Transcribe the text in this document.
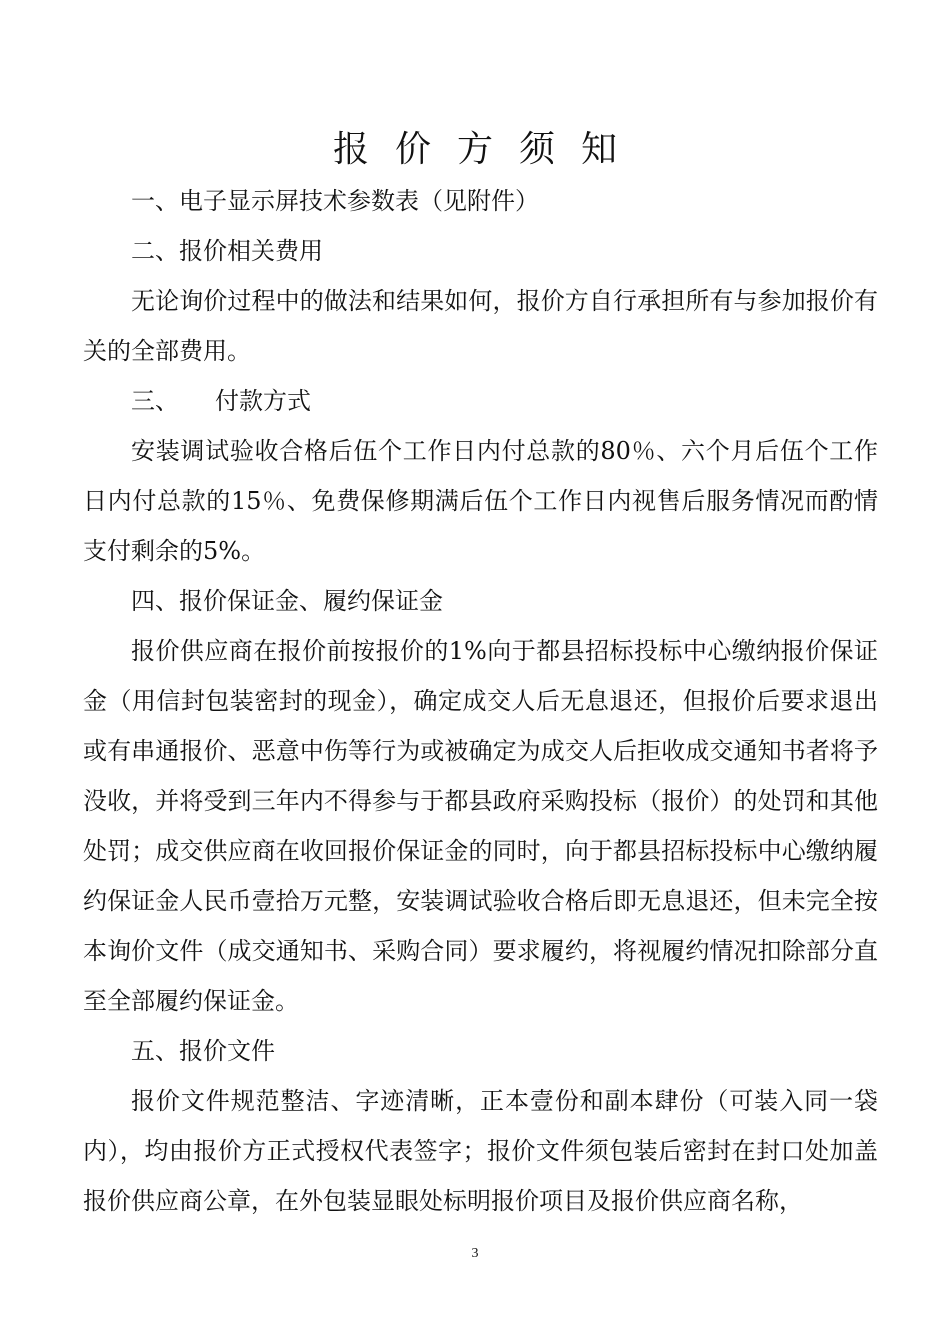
报价方须知

一、电子显示屏技术参数表（见附件）

二、报价相关费用

无论询价过程中的做法和结果如何，报价方自行承担所有与参加报价有关的全部费用。

三、 付款方式

安装调试验收合格后伍个工作日内付总款的80％、六个月后伍个工作日内付总款的15％、免费保修期满后伍个工作日内视售后服务情况而酌情支付剩余的5%。

四、报价保证金、履约保证金

报价供应商在报价前按报价的1%向于都县招标投标中心缴纳报价保证金（用信封包装密封的现金），确定成交人后无息退还，但报价后要求退出或有串通报价、恶意中伤等行为或被确定为成交人后拒收成交通知书者将予没收，并将受到三年内不得参与于都县政府采购投标（报价）的处罚和其他处罚；成交供应商在收回报价保证金的同时，向于都县招标投标中心缴纳履约保证金人民币壹拾万元整，安装调试验收合格后即无息退还，但未完全按本询价文件（成交通知书、采购合同）要求履约，将视履约情况扣除部分直至全部履约保证金。

五、报价文件

报价文件规范整洁、字迹清晰，正本壹份和副本肆份（可装入同一袋内），均由报价方正式授权代表签字；报价文件须包装后密封在封口处加盖报价供应商公章，在外包装显眼处标明报价项目及报价供应商名称，

3
